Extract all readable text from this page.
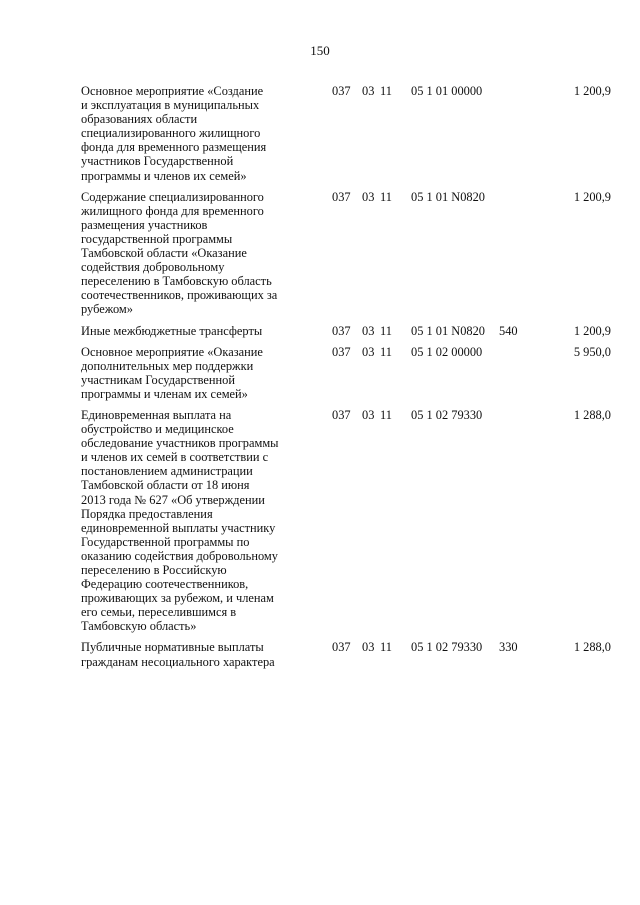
150
Основное мероприятие «Создание
и эксплуатация в муниципальных
образованиях области
специализированного жилищного
фонда для временного размещения
участников Государственной
программы и членов их семей»
037 03 11 05 1 01 00000	1 200,9
Содержание специализированного
жилищного фонда для временного
размещения участников
государственной программы
Тамбовской области «Оказание
содействия добровольному
переселению в Тамбовскую область
соотечественников, проживающих за
рубежом»
037 03 11 05 1 01 N0820	1 200,9
Иные межбюджетные трансферты	037 03 11 05 1 01 N0820 540	1 200,9
Основное мероприятие «Оказание
дополнительных мер поддержки
участникам Государственной
программы и членам их семей»
037 03 11 05 1 02 00000	5 950,0
Единовременная выплата на
обустройство и медицинское
обследование участников программы
и членов их семей в соответствии с
постановлением администрации
Тамбовской области от 18 июня
2013 года № 627 «Об утверждении
Порядка предоставления
единовременной выплаты участнику
Государственной программы по
оказанию содействия добровольному
переселению в Российскую
Федерацию соотечественников,
проживающих за рубежом, и членам
его семьи, переселившимся в
Тамбовскую область»
037 03 11 05 1 02 79330	1 288,0
Публичные нормативные выплаты
гражданам несоциального характера
037 03 11 05 1 02 79330 330	1 288,0
